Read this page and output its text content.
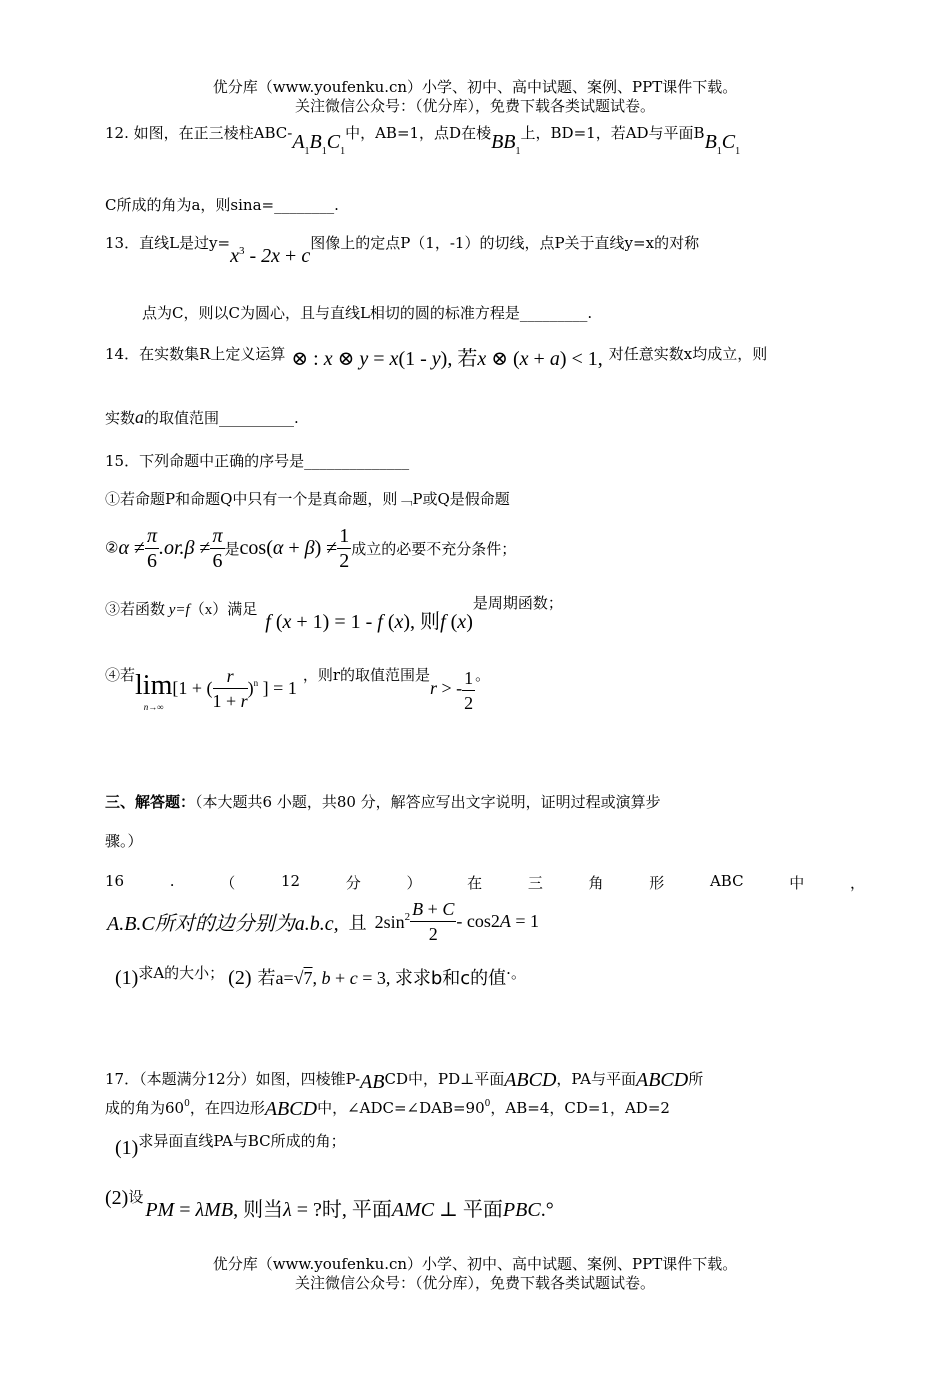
优分库（www.youfenku.cn）小学、初中、高中试题、案例、PPT课件下载。
关注微信公众号：（优分库），免费下载各类试题试卷。
12. 如图，在正三棱柱ABC-$A_1B_1C_1$中，AB=1，点D在棱$BB_1$上，BD=1，若AD与平面$BB_1C_1$
C所成的角为a，则sina=________.
13．直线L是过$y=x^3 - 2x + c$图像上的定点P（1，-1）的切线，点P关于直线y=x的对称
点为C，则以C为圆心，且与直线L相切的圆的标准方程是_________.
14．在实数集R上定义运算 ⊗ : x ⊗ y = x(1 - y), 若x ⊗ (x + a) < 1, 对任意实数x均成立，则
实数a的取值范围__________.
15．下列命题中正确的序号是______________
①若命题P和命题Q中只有一个是真命题，则﹁P或Q是假命题
②α ≠ $\frac{\pi}{6} .or.\beta \ne \frac{\pi}{6}$ 是$\cos(\alpha + \beta) \ne \frac{1}{2}$ 成立的必要不充分条件；
③若函数 y=f（x）满足f (x + 1) = 1 - f (x), 则f (x)是周期函数；
④若 lim
n→∞
[1 + ( $\frac{r}{1 + r} )^n$ ] = 1，则r的取值范围是r > - $\frac{1}{2}$ 。
三、解答题：（本大题共6 小题，共80 分，解答应写出文字说明，证明过程或演算步
骤。）
16	.	（	12	分	）	在	三	角	形	ABC	中	，
A.B.C所对的边分别为a.b.c, 且 $2\sin^2 \frac{B + C}{2} - \cos 2A = 1$
(1)求A的大小； (2) 若a=√7, b + c = 3, 求求b和c的值·。
17．（本题满分12分）如图，四棱锥P-ABCD中，PD⊥平面ABCD，PA与平面ABCD所
成的角为$60^0$，在四边形ABCD中，$\angle ADC=\angle DAB=90^0$，AB=4，CD=1，AD=2
(1)求异面直线PA与BC所成的角；
(2)设PM = λMB, 则当λ = ?时, 平面AMC ⊥ 平面PBC.°
优分库（www.youfenku.cn）小学、初中、高中试题、案例、PPT课件下载。
关注微信公众号：（优分库），免费下载各类试题试卷。
